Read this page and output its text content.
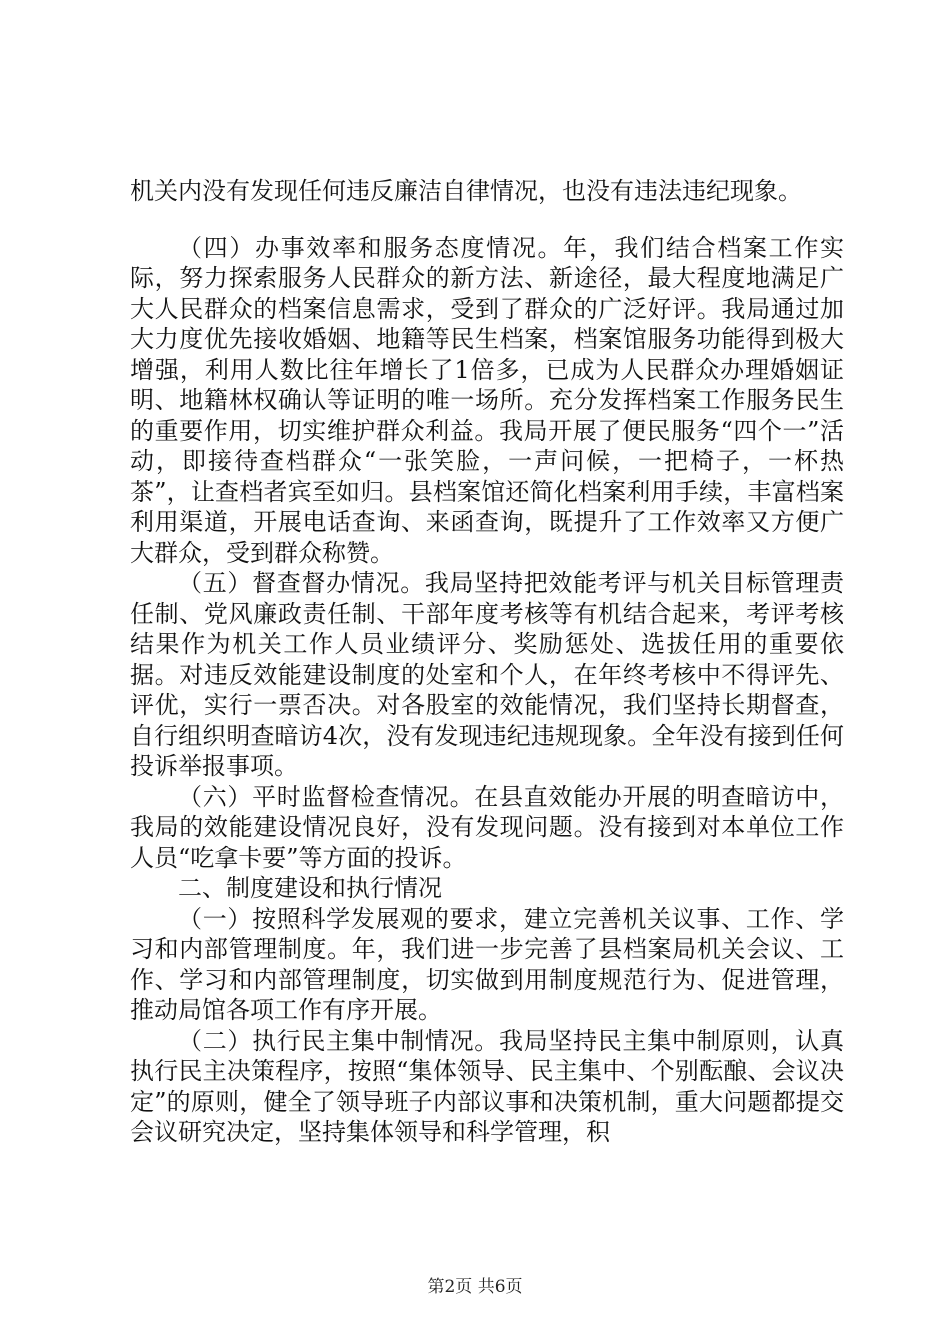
机关内没有发现任何违反廉洁自律情况，也没有违法违纪现象。

（四）办事效率和服务态度情况。年，我们结合档案工作实际，努力探索服务人民群众的新方法、新途径，最大程度地满足广大人民群众的档案信息需求，受到了群众的广泛好评。我局通过加大力度优先接收婚姻、地籍等民生档案，档案馆服务功能得到极大增强，利用人数比往年增长了1倍多，已成为人民群众办理婚姻证明、地籍林权确认等证明的唯一场所。充分发挥档案工作服务民生的重要作用，切实维护群众利益。我局开展了便民服务“四个一”活动，即接待查档群众“一张笑脸，一声问候，一把椅子，一杯热茶”，让查档者宾至如归。县档案馆还简化档案利用手续，丰富档案利用渠道，开展电话查询、来函查询，既提升了工作效率又方便广大群众，受到群众称赞。

（五）督查督办情况。我局坚持把效能考评与机关目标管理责任制、党风廉政责任制、干部年度考核等有机结合起来，考评考核结果作为机关工作人员业绩评分、奖励惩处、选拔任用的重要依据。对违反效能建设制度的处室和个人，在年终考核中不得评先、评优，实行一票否决。对各股室的效能情况，我们坚持长期督查，自行组织明查暗访4次，没有发现违纪违规现象。全年没有接到任何投诉举报事项。

（六）平时监督检查情况。在县直效能办开展的明查暗访中，我局的效能建设情况良好，没有发现问题。没有接到对本单位工作人员“吃拿卡要”等方面的投诉。

二、制度建设和执行情况

（一）按照科学发展观的要求，建立完善机关议事、工作、学习和内部管理制度。年，我们进一步完善了县档案局机关会议、工作、学习和内部管理制度，切实做到用制度规范行为、促进管理，推动局馆各项工作有序开展。

（二）执行民主集中制情况。我局坚持民主集中制原则，认真执行民主决策程序，按照“集体领导、民主集中、个别酝酿、会议决定”的原则，健全了领导班子内部议事和决策机制，重大问题都提交会议研究决定，坚持集体领导和科学管理，积

第2页 共6页
